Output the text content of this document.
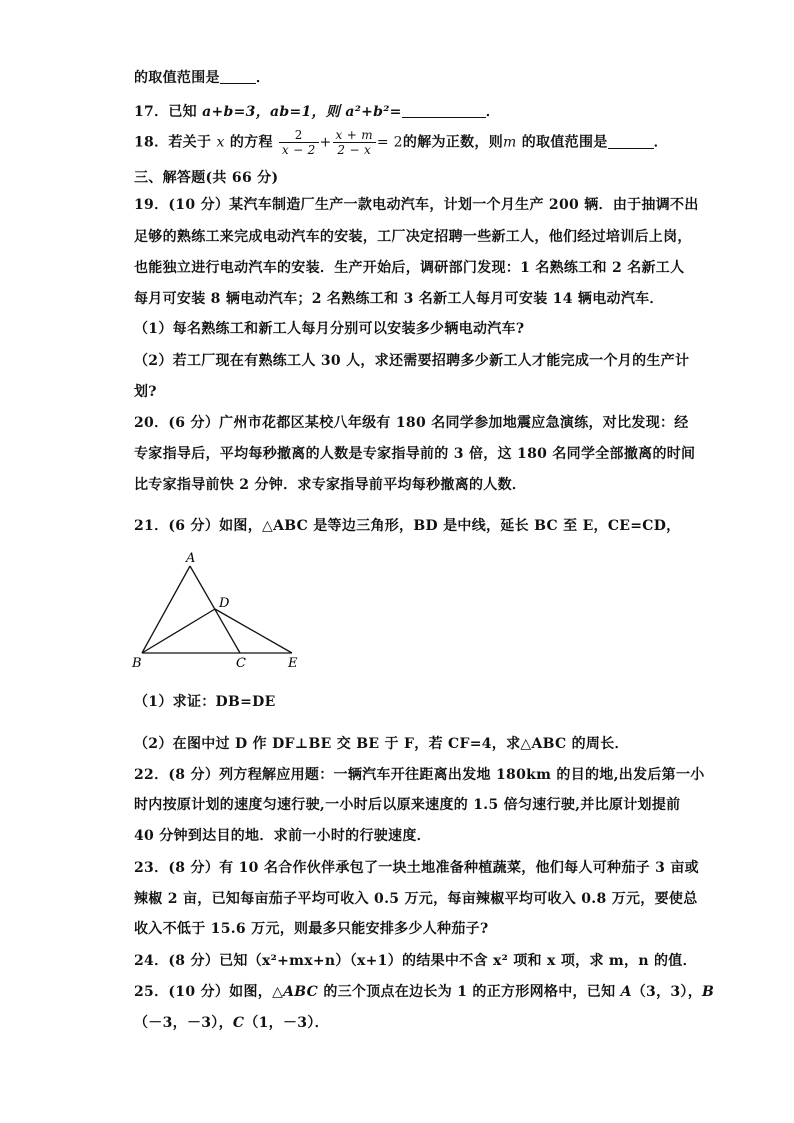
的取值范围是	．
17．已知 a+b=3，ab=1，则 a²+b²=	．
18．若关于 x 的方程 $\frac{2}{x - 2} + \frac{x + m}{2 - x} = 2$的解为正数，则m 的取值范围是	．
三、解答题(共 66 分)
19．(10 分）某汽车制造厂生产一款电动汽车，计划一个月生产 200 辆．由于抽调不出
足够的熟练工来完成电动汽车的安装，工厂决定招聘一些新工人，他们经过培训后上岗，
也能独立进行电动汽车的安装．生产开始后，调研部门发现：1 名熟练工和 2 名新工人
每月可安装 8 辆电动汽车；2 名熟练工和 3 名新工人每月可安装 14 辆电动汽车．
（1）每名熟练工和新工人每月分别可以安装多少辆电动汽车?
（2）若工厂现在有熟练工人 30 人，求还需要招聘多少新工人才能完成一个月的生产计
划?
20．(6 分）广州市花都区某校八年级有 180 名同学参加地震应急演练，对比发现：经
专家指导后，平均每秒撤离的人数是专家指导前的 3 倍，这 180 名同学全部撤离的时间
比专家指导前快 2 分钟．求专家指导前平均每秒撤离的人数．
21．(6 分）如图，△ABC 是等边三角形，BD 是中线，延长 BC 至 E，CE=CD，
A
D
B	C	E
（1）求证：DB=DE
（2）在图中过 D 作 DF⊥BE 交 BE 于 F，若 CF=4，求△ABC 的周长．
22．(8 分）列方程解应用题：一辆汽车开往距离出发地 180km 的目的地,出发后第一小
时内按原计划的速度匀速行驶,一小时后以原来速度的 1.5 倍匀速行驶,并比原计划提前
40 分钟到达目的地．求前一小时的行驶速度．
23．(8 分）有 10 名合作伙伴承包了一块土地准备种植蔬菜，他们每人可种茄子 3 亩或
辣椒 2 亩，已知每亩茄子平均可收入 0.5 万元，每亩辣椒平均可收入 0.8 万元，要使总
收入不低于 15.6 万元，则最多只能安排多少人种茄子?
24．(8 分）已知（x²+mx+n）（x+1）的结果中不含 x² 项和 x 项，求 m，n 的值．
25．(10 分）如图，△ABC 的三个顶点在边长为 1 的正方形网格中，已知 A（3，3），B
（－3，－3），C（1，－3）．
